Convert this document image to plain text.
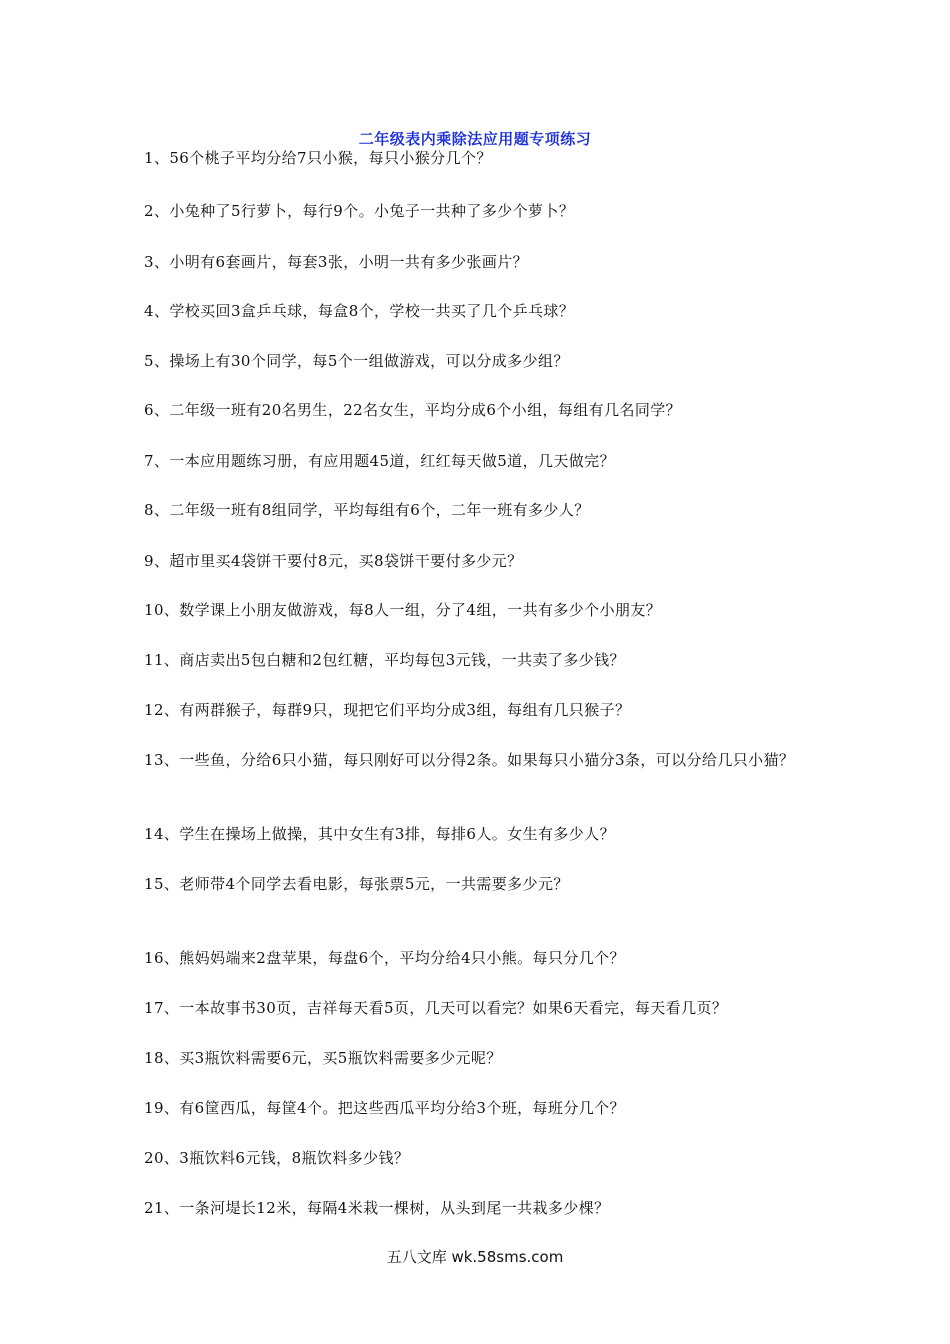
二年级表内乘除法应用题专项练习
1、56个桃子平均分给7只小猴，每只小猴分几个？
2、小兔种了5行萝卜，每行9个。小兔子一共种了多少个萝卜？
3、小明有6套画片，每套3张，小明一共有多少张画片？
4、学校买回3盒乒乓球，每盒8个，学校一共买了几个乒乓球？
5、操场上有30个同学，每5个一组做游戏，可以分成多少组？
6、二年级一班有20名男生，22名女生，平均分成6个小组，每组有几名同学？
7、一本应用题练习册，有应用题45道，红红每天做5道，几天做完？
8、二年级一班有8组同学，平均每组有6个，二年一班有多少人？
9、超市里买4袋饼干要付8元，买8袋饼干要付多少元？
10、数学课上小朋友做游戏，每8人一组，分了4组，一共有多少个小朋友？
11、商店卖出5包白糖和2包红糖，平均每包3元钱，一共卖了多少钱？
12、有两群猴子，每群9只，现把它们平均分成3组，每组有几只猴子？
13、一些鱼，分给6只小猫，每只刚好可以分得2条。如果每只小猫分3条，可以分给几只小猫？
14、学生在操场上做操，其中女生有3排，每排6人。女生有多少人？
15、老师带4个同学去看电影，每张票5元，一共需要多少元？
16、熊妈妈端来2盘苹果，每盘6个，平均分给4只小熊。每只分几个？
17、一本故事书30页，吉祥每天看5页，几天可以看完？如果6天看完，每天看几页？
18、买3瓶饮料需要6元，买5瓶饮料需要多少元呢？
19、有6筐西瓜，每筐4个。把这些西瓜平均分给3个班，每班分几个？
20、3瓶饮料6元钱，8瓶饮料多少钱？
21、一条河堤长12米，每隔4米栽一棵树，从头到尾一共栽多少棵？
五八文库 wk.58sms.com
